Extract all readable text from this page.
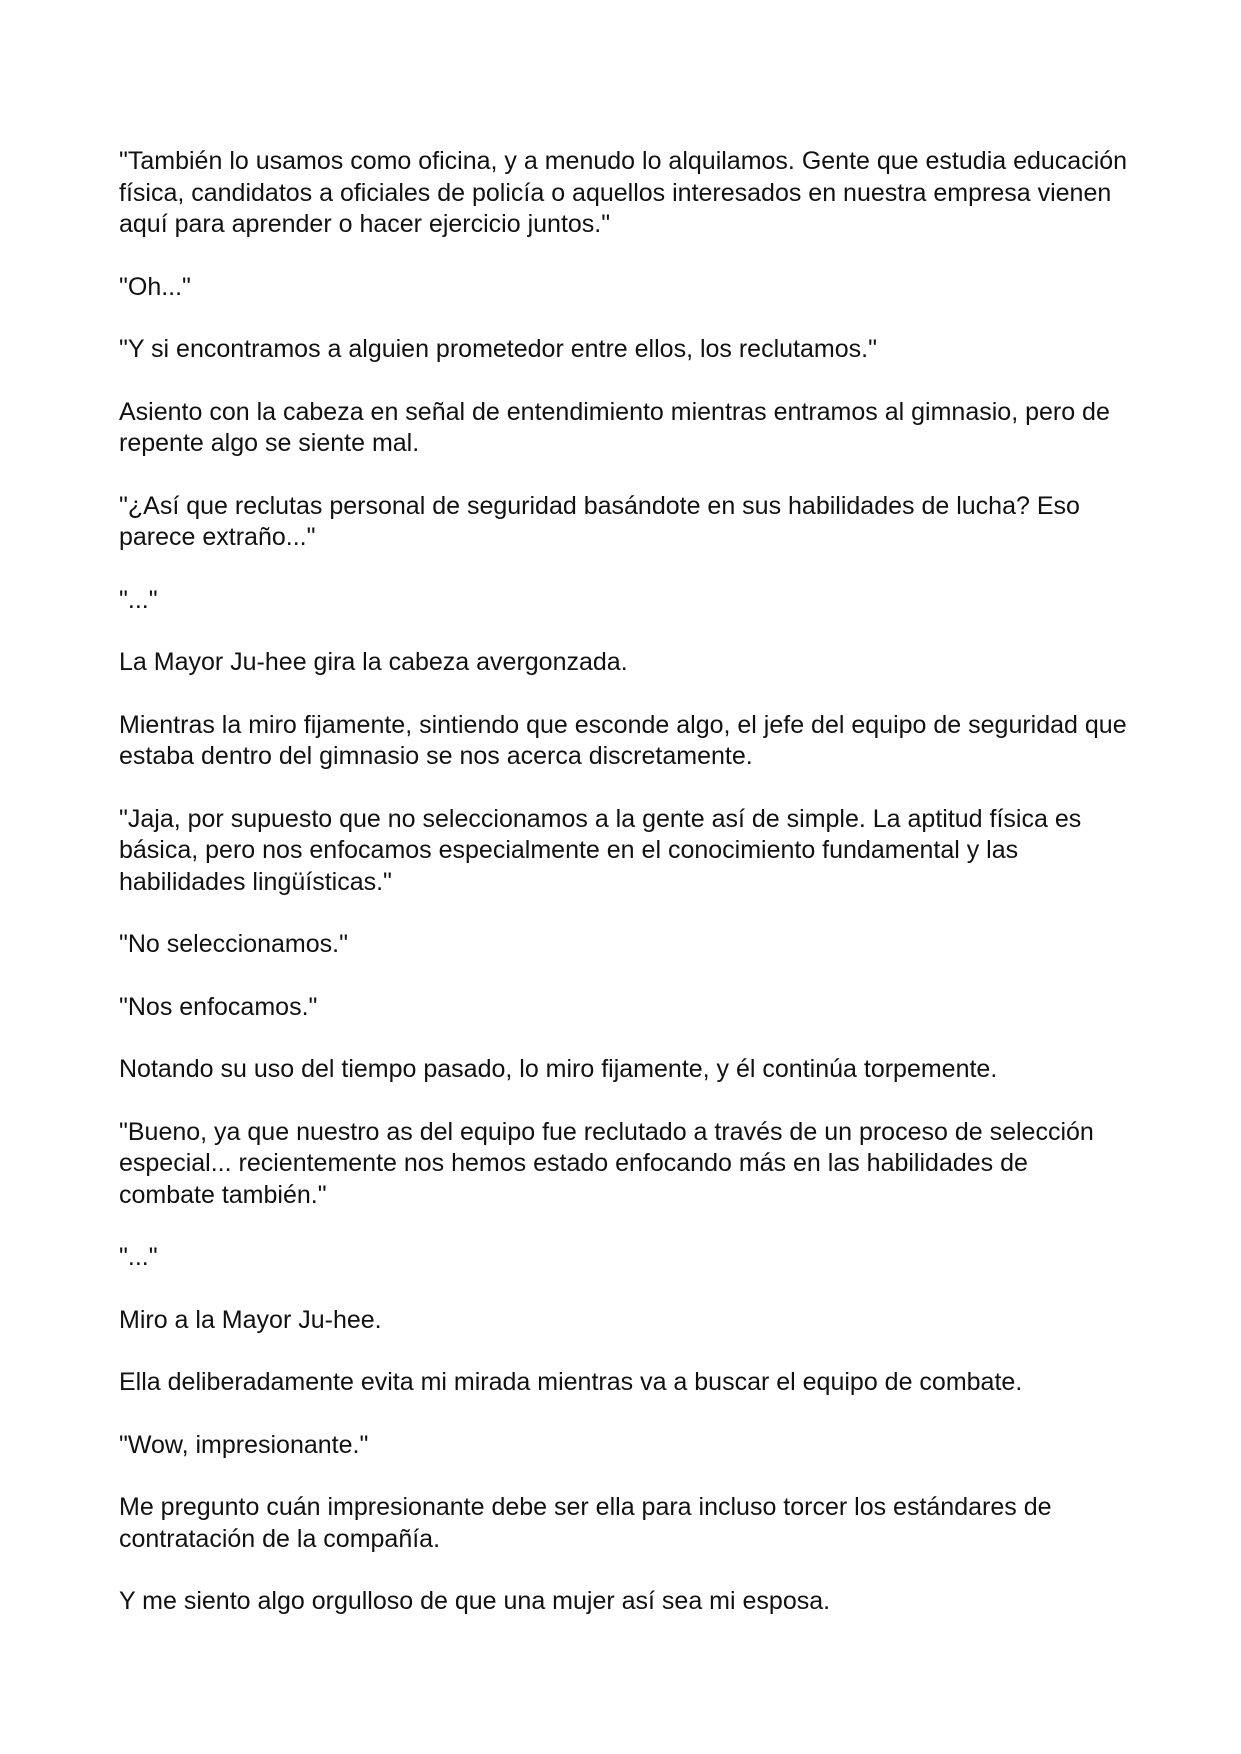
"También lo usamos como oficina, y a menudo lo alquilamos. Gente que estudia educación física, candidatos a oficiales de policía o aquellos interesados en nuestra empresa vienen aquí para aprender o hacer ejercicio juntos."

"Oh..."

"Y si encontramos a alguien prometedor entre ellos, los reclutamos."

Asiento con la cabeza en señal de entendimiento mientras entramos al gimnasio, pero de repente algo se siente mal.

"¿Así que reclutas personal de seguridad basándote en sus habilidades de lucha? Eso parece extraño..."

"..."

La Mayor Ju-hee gira la cabeza avergonzada.

Mientras la miro fijamente, sintiendo que esconde algo, el jefe del equipo de seguridad que estaba dentro del gimnasio se nos acerca discretamente.

"Jaja, por supuesto que no seleccionamos a la gente así de simple. La aptitud física es básica, pero nos enfocamos especialmente en el conocimiento fundamental y las habilidades lingüísticas."

"No seleccionamos."

"Nos enfocamos."

Notando su uso del tiempo pasado, lo miro fijamente, y él continúa torpemente.

"Bueno, ya que nuestro as del equipo fue reclutado a través de un proceso de selección especial... recientemente nos hemos estado enfocando más en las habilidades de combate también."

"..."

Miro a la Mayor Ju-hee.

Ella deliberadamente evita mi mirada mientras va a buscar el equipo de combate.

"Wow, impresionante."

Me pregunto cuán impresionante debe ser ella para incluso torcer los estándares de contratación de la compañía.

Y me siento algo orgulloso de que una mujer así sea mi esposa.
